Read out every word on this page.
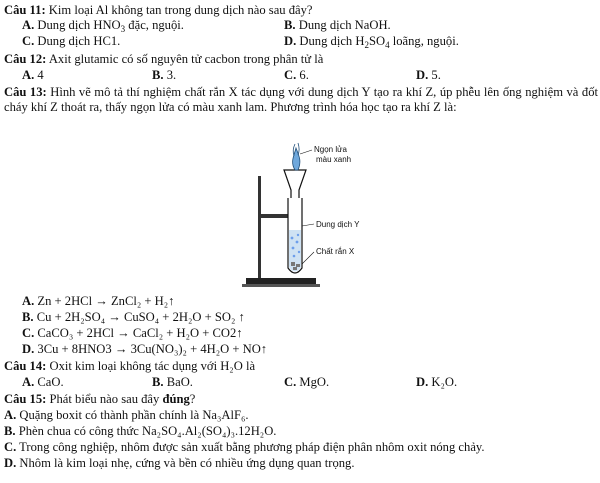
Câu 11: Kim loại Al không tan trong dung dịch nào sau đây?
A. Dung dịch $HNO_3$ đặc, nguội.	B. Dung dịch NaOH.
C. Dung dịch HC1.	D. Dung dịch $H_2SO_4$ loãng, nguội.
Câu 12: Axit glutamic có số nguyên tử cacbon trong phân tử là
A. 4	B. 3.	C. 6.	D. 5.
Câu 13: Hình vẽ mô tả thí nghiệm chất rắn X tác dụng với dung dịch Y tạo ra khí Z, úp phễu lên ống nghiệm và đốt cháy khí Z thoát ra, thấy ngọn lửa có màu xanh lam. Phương trình hóa học tạo ra khí Z là:
Ngọn lửa
màu xanh
Dung dịch Y
Chất rắn X
A. Zn + 2HCl → ZnCl₂ + H₂↑
B. Cu + 2H₂SO₄ → CuSO₄ + 2H₂O + SO₂ ↑
C. CaCO₃ + 2HCl → CaCl₂ + H₂O + CO2↑
D. 3Cu + 8HNO3 → 3Cu(NO₃)₂ + 4H₂O + NO↑
Câu 14: Oxit kim loại không tác dụng với H₂O là
A. CaO.	B. BaO.	C. MgO.	D. K₂O.
Câu 15: Phát biểu nào sau đây đúng?
A. Quặng boxit có thành phần chính là Na₃AlF₆.
B. Phèn chua có công thức Na₂SO₄.Al₂(SO₄)₃.12H₂O.
C. Trong công nghiệp, nhôm được sản xuất bằng phương pháp điện phân nhôm oxit nóng chảy.
D. Nhôm là kim loại nhẹ, cứng và bền có nhiều ứng dụng quan trọng.
